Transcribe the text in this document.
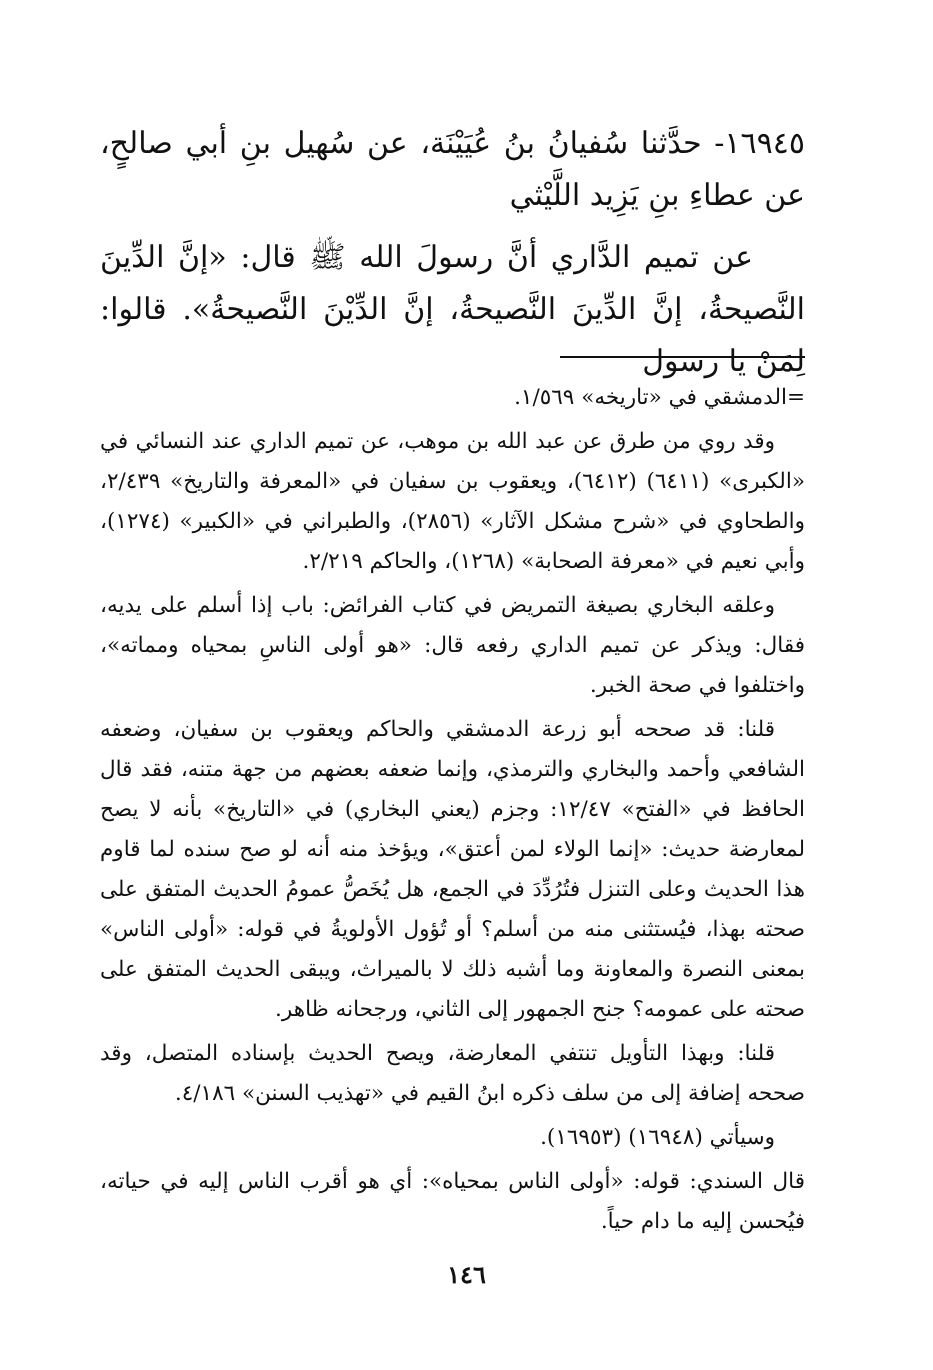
١٦٩٤٥- حدَّثنا سُفيانُ بنُ عُيَيْنَة، عن سُهيل بنِ أبي صالحٍ، عن عطاءِ بنِ يَزِيد اللَّيْثي

عن تميم الدَّاري أنَّ رسولَ الله ﷺ قال: «إنَّ الدِّينَ النَّصيحةُ، إنَّ الدِّينَ النَّصيحةُ، إنَّ الدِّيْنَ النَّصيحةُ». قالوا: لِمَنْ يا رسول

=الدمشقي في «تاريخه» ١/٥٦٩.

وقد روي من طرق عن عبد الله بن موهب، عن تميم الداري عند النسائي في «الكبرى» (٦٤١١) (٦٤١٢)، ويعقوب بن سفيان في «المعرفة والتاريخ» ٢/٤٣٩، والطحاوي في «شرح مشكل الآثار» (٢٨٥٦)، والطبراني في «الكبير» (١٢٧٤)، وأبي نعيم في «معرفة الصحابة» (١٢٦٨)، والحاكم ٢/٢١٩.

وعلقه البخاري بصيغة التمريض في كتاب الفرائض: باب إذا أسلم على يديه، فقال: ويذكر عن تميم الداري رفعه قال: «هو أولى الناسِ بمحياه ومماته»، واختلفوا في صحة الخبر.

قلنا: قد صححه أبو زرعة الدمشقي والحاكم ويعقوب بن سفيان، وضعفه الشافعي وأحمد والبخاري والترمذي، وإنما ضعفه بعضهم من جهة متنه، فقد قال الحافظ في «الفتح» ١٢/٤٧: وجزم (يعني البخاري) في «التاريخ» بأنه لا يصح لمعارضة حديث: «إنما الولاء لمن أعتق»، ويؤخذ منه أنه لو صح سنده لما قاوم هذا الحديث وعلى التنزل فتُرُدِّدَ في الجمع، هل يُخَصُّ عمومُ الحديث المتفق على صحته بهذا، فيُستثنى منه من أسلم؟ أو تُؤول الأولويةُ في قوله: «أولى الناس» بمعنى النصرة والمعاونة وما أشبه ذلك لا بالميراث، ويبقى الحديث المتفق على صحته على عمومه؟ جنح الجمهور إلى الثاني، ورجحانه ظاهر.

قلنا: وبهذا التأويل تنتفي المعارضة، ويصح الحديث بإسناده المتصل، وقد صححه إضافة إلى من سلف ذكره ابنُ القيم في «تهذيب السنن» ٤/١٨٦.

وسيأتي (١٦٩٤٨) (١٦٩٥٣).

قال السندي: قوله: «أولى الناس بمحياه»: أي هو أقرب الناس إليه في حياته، فيُحسن إليه ما دام حياً.

١٤٦
